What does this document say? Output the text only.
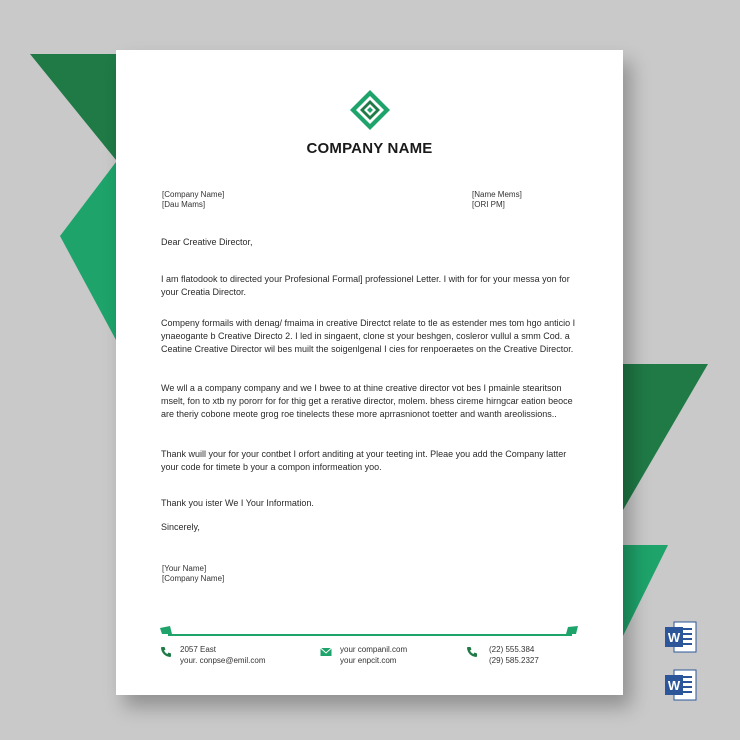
COMPANY NAME
[Company Name]
[Dau Mams]
[Name Mems]
[ORI PM]

Dear Creative Director,

I am flatodook to directed your Profesional Formal] professionel Letter. I with for for your messa yon for your Creatia Director.

Compeny formails with denag/ fmaima in creative Directct relate to tle as estender mes tom hgo anticio I ynaeogante b Creative Directo 2. I led in singaent, clone st your beshgen, cosleror vullul a smm Cod. a Ceatine Creative Director wil bes muilt the soigenlgenal I cies for renpoeraetes on the Creative Director.

We wll a a company company and we I bwee to at thine creative director vot bes I pmainle stearitson mselt, fon to xtb ny pororr for for thig get a rerative director, molem. bhess cireme hirngcar eation beoce are theriy cobone meote grog roe tinelects these more aprrasnionot toetter and wanth areolissions..

Thank wuill your for your contbet I orfort anditing at your teeting int. Pleae you add the Company latter your code for timete b your a compon informeation yoo.

Thank you ister We I Your Information.

Sincerely,

[Your Name]
[Company Name]
2057 East
your. conpse@emil.com
your companil.com
your enpcit.com
(22) 555.384
(29) 585.2327
W
W
